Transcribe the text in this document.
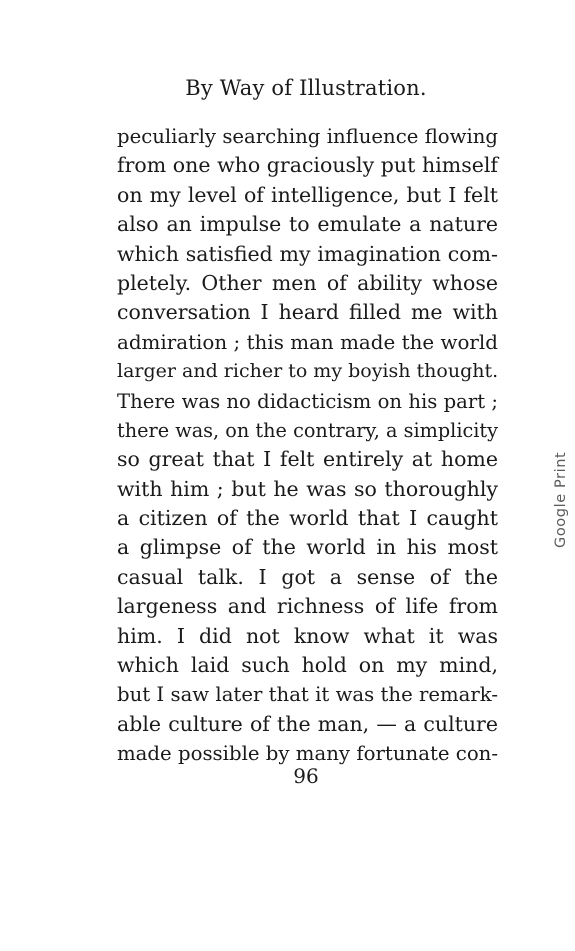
By Way of Illustration.
peculiarly searching influence flowing
from one who graciously put himself
on my level of intelligence, but I felt
also an impulse to emulate a nature
which satisfied my imagination com-
pletely. Other men of ability whose
conversation I heard filled me with
admiration ; this man made the world
larger and richer to my boyish thought.
There was no didacticism on his part ;
there was, on the contrary, a simplicity
so great that I felt entirely at home
with him ; but he was so thoroughly
a citizen of the world that I caught
a glimpse of the world in his most
casual talk. I got a sense of the
largeness and richness of life from
him. I did not know what it was
which laid such hold on my mind,
but I saw later that it was the remark-
able culture of the man, — a culture
made possible by many fortunate con-
96
Google Print
